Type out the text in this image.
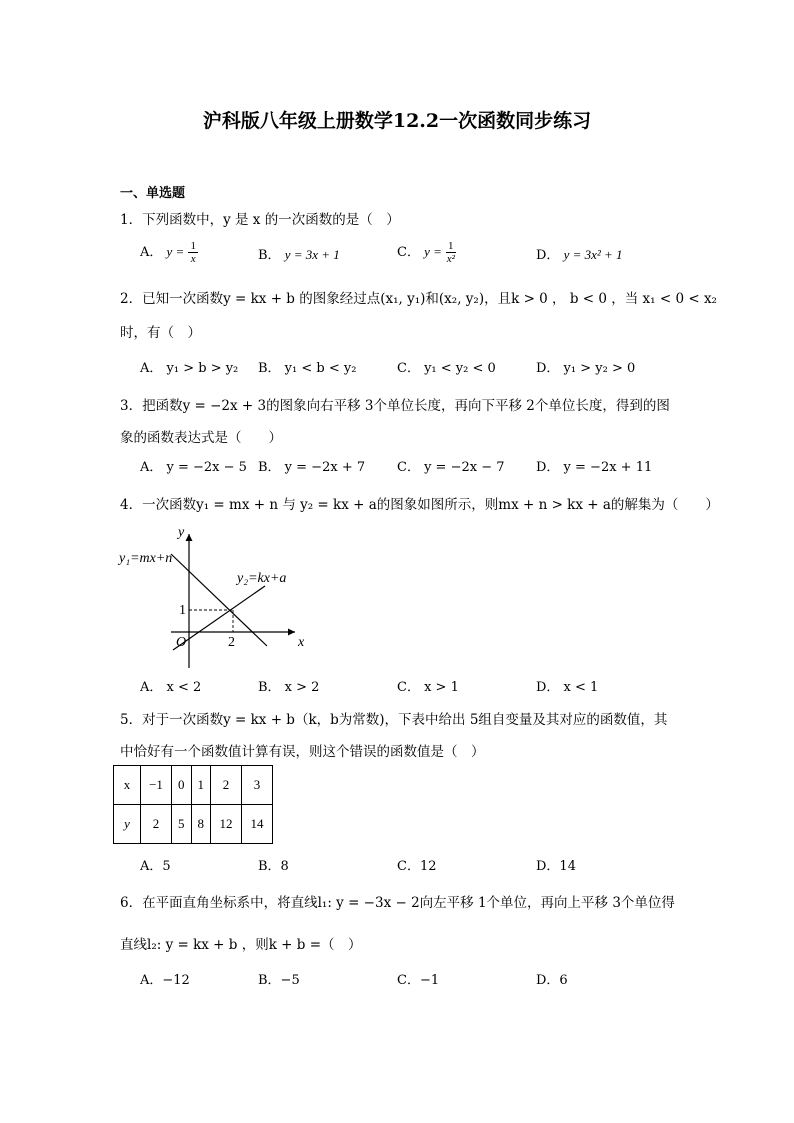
沪科版八年级上册数学12.2一次函数同步练习
一、单选题
1．下列函数中，y 是 x 的一次函数的是（　）
A． $y = \frac{1}{x}$	B． y = 3x + 1	C． $y = \frac{1}{\text{x²}}$	D． y = 3x² + 1
2．已知一次函数y = kx + b 的图象经过点(x₁, y₁)和(x₂, y₂)，且k > 0 ， b < 0 ，当 x₁ < 0 < x₂
时，有（　）
A． y₁ > b > y₂ B． y₁ < b < y₂	C． y₁ < y₂ < 0	D． y₁ > y₂ > 0
3．把函数y = −2x + 3的图象向右平移 3个单位长度，再向下平移 2个单位长度，得到的图
象的函数表达式是（　　）
A． y = −2x − 5 B． y = −2x + 7 C． y = −2x − 7 D． y = −2x + 11
4．一次函数y₁ = mx + n 与 y₂ = kx + a的图象如图所示，则mx + n > kx + a的解集为（　　）
y
x
O	2
1
y₁=mx+n
y₂=kx+a
A． x < 2	B． x > 2	C． x > 1	D． x < 1
5．对于一次函数y = kx + b（k，b为常数)，下表中给出 5组自变量及其对应的函数值，其
中恰好有一个函数值计算有误，则这个错误的函数值是（　）
x	−1	0	1	2	3
y	2	5	8	12	14
A．5	B．8	C．12	D．14
6．在平面直角坐标系中，将直线l₁: y = −3x − 2向左平移 1个单位，再向上平移 3个单位得
直线l₂: y = kx + b ，则k + b =（　）
A．−12	B．−5	C．−1	D．6
